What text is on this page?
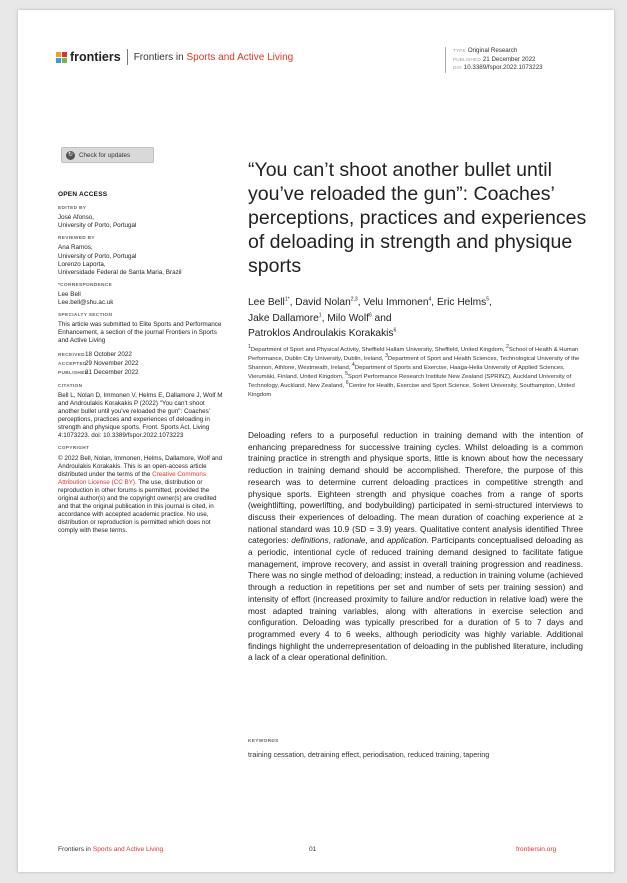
frontiers Frontiers in Sports and Active Living
TYPE Original Research
PUBLISHED 21 December 2022
DOI 10.3389/fspor.2022.1073223
↻ Check for updates
OPEN ACCESS
EDITED BY
José Afonso,
University of Porto, Portugal
REVIEWED BY
Ana Ramos,
University of Porto, Portugal
Lorenzo Laporta,
Universidade Federal de Santa Maria, Brazil
*CORRESPONDENCE
Lee Bell
Lee.bell@shu.ac.uk
SPECIALTY SECTION
This article was submitted to Elite Sports and Performance Enhancement, a section of the journal Frontiers in Sports and Active Living
RECEIVED18 October 2022
ACCEPTED29 November 2022
PUBLISHED21 December 2022
CITATION
Bell L, Nolan D, Immonen V, Helms E, Dallamore J, Wolf M and Androulakis Korakakis P (2022) "You can't shoot another bullet until you've reloaded the gun": Coaches' perceptions, practices and experiences of deloading in strength and physique sports. Front. Sports Act. Living 4:1073223. doi: 10.3389/fspor.2022.1073223
COPYRIGHT
© 2022 Bell, Nolan, Immonen, Helms, Dallamore, Wolf and Androulakis Korakakis. This is an open-access article distributed under the terms of the Creative Commons Attribution License (CC BY). The use, distribution or reproduction in other forums is permitted, provided the original author(s) and the copyright owner(s) are credited and that the original publication in this journal is cited, in accordance with accepted academic practice. No use, distribution or reproduction is permitted which does not comply with these terms.
“You can’t shoot another bullet until you’ve reloaded the gun”: Coaches’ perceptions, practices and experiences of deloading in strength and physique sports
Lee Bell$^{1*}$, David Nolan$^{2,3}$, Velu Immonen$^4$, Eric Helms$^5$,
Jake Dallamore$^1$, Milo Wolf$^6$ and
Patroklos Androulakis Korakakis$^6$
$^1$Department of Sport and Physical Activity, Sheffield Hallam University, Sheffield, United Kingdom, $^2$School of Health & Human Performance, Dublin City University, Dublin, Ireland, $^3$Department of Sport and Health Sciences, Technological University of the Shannon, Athlone, Westmeath, Ireland, $^4$Department of Sports and Exercise, Haaga-Helia University of Applied Sciences, Vierumäki, Finland, United Kingdom, $^5$Sport Performance Research Institute New Zealand (SPRINZ), Auckland University of Technology, Auckland, New Zealand, $^6$Centre for Health, Exercise and Sport Science, Solent University, Southampton, United Kingdom
Deloading refers to a purposeful reduction in training demand with the intention of enhancing preparedness for successive training cycles. Whilst deloading is a common training practice in strength and physique sports, little is known about how the necessary reduction in training demand should be accomplished. Therefore, the purpose of this research was to determine current deloading practices in competitive strength and physique sports. Eighteen strength and physique coaches from a range of sports (weightlifting, powerlifting, and bodybuilding) participated in semi-structured interviews to discuss their experiences of deloading. The mean duration of coaching experience at ≥ national standard was 10.9 (SD = 3.9) years. Qualitative content analysis identified Three categories: definitions, rationale, and application. Participants conceptualised deloading as a periodic, intentional cycle of reduced training demand designed to facilitate fatigue management, improve recovery, and assist in overall training progression and readiness. There was no single method of deloading; instead, a reduction in training volume (achieved through a reduction in repetitions per set and number of sets per training session) and intensity of effort (increased proximity to failure and/or reduction in relative load) were the most adapted training variables, along with alterations in exercise selection and configuration. Deloading was typically prescribed for a duration of 5 to 7 days and programmed every 4 to 6 weeks, although periodicity was highly variable. Additional findings highlight the underrepresentation of deloading in the published literature, including a lack of a clear operational definition.
KEYWORDS
training cessation, detraining effect, periodisation, reduced training, tapering
Frontiers in Sports and Active Living	01	frontiersin.org
